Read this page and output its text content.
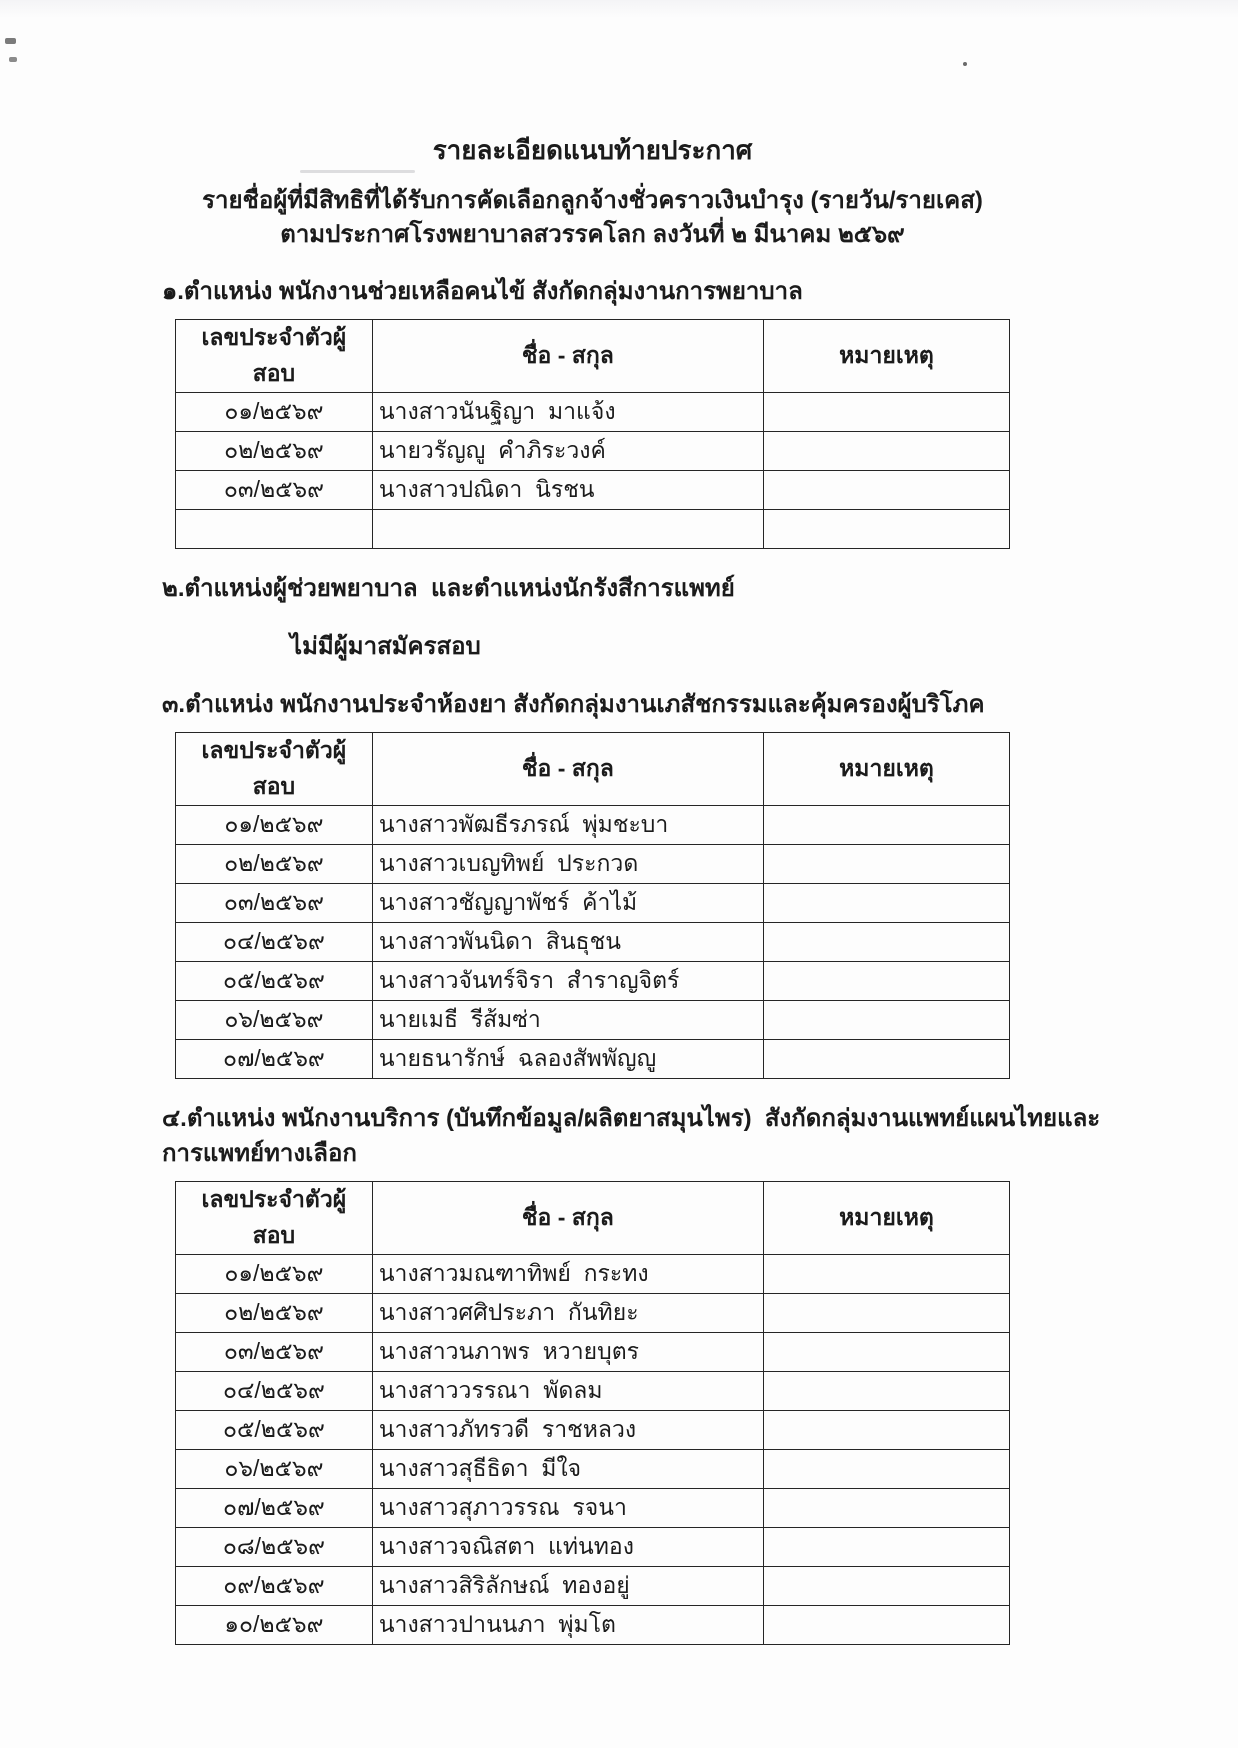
รายละเอียดแนบท้ายประกาศ

รายชื่อผู้ที่มีสิทธิที่ได้รับการคัดเลือกลูกจ้างชั่วคราวเงินบำรุง (รายวัน/รายเคส)

ตามประกาศโรงพยาบาลสวรรคโลก ลงวันที่ ๒ มีนาคม ๒๕๖๙

๑.ตำแหน่ง พนักงานช่วยเหลือคนไข้ สังกัดกลุ่มงานการพยาบาล
เลขประจำตัวผู้สอบ	ชื่อ - สกุล	หมายเหตุ
๐๑/๒๕๖๙	นางสาวนันฐิญา  มาแจ้ง	
๐๒/๒๕๖๙	นายวรัญญู  คำภิระวงค์	
๐๓/๒๕๖๙	นางสาวปณิดา  นิรชน	

๒.ตำแหน่งผู้ช่วยพยาบาล  และตำแหน่งนักรังสีการแพทย์

ไม่มีผู้มาสมัครสอบ

๓.ตำแหน่ง พนักงานประจำห้องยา สังกัดกลุ่มงานเภสัชกรรมและคุ้มครองผู้บริโภค
เลขประจำตัวผู้สอบ	ชื่อ - สกุล	หมายเหตุ
๐๑/๒๕๖๙	นางสาวพัฒธีรภรณ์  พุ่มชะบา	
๐๒/๒๕๖๙	นางสาวเบญทิพย์  ประกวด	
๐๓/๒๕๖๙	นางสาวชัญญาพัชร์  ค้าไม้	
๐๔/๒๕๖๙	นางสาวพันนิดา  สินธุชน	
๐๕/๒๕๖๙	นางสาวจันทร์จิรา  สำราญจิตร์	
๐๖/๒๕๖๙	นายเมธี  รีส้มซ่า	
๐๗/๒๕๖๙	นายธนารักษ์  ฉลองสัพพัญญู	
๔.ตำแหน่ง พนักงานบริการ (บันทึกข้อมูล/ผลิตยาสมุนไพร)  สังกัดกลุ่มงานแพทย์แผนไทยและการแพทย์ทางเลือก
เลขประจำตัวผู้สอบ	ชื่อ - สกุล	หมายเหตุ
๐๑/๒๕๖๙	นางสาวมณฑาทิพย์  กระทง	
๐๒/๒๕๖๙	นางสาวศศิประภา  กันทิยะ	
๐๓/๒๕๖๙	นางสาวนภาพร  หวายบุตร	
๐๔/๒๕๖๙	นางสาววรรณา  พัดลม	
๐๕/๒๕๖๙	นางสาวภัทรวดี  ราชหลวง	
๐๖/๒๕๖๙	นางสาวสุธีธิดา  มีใจ	
๐๗/๒๕๖๙	นางสาวสุภาวรรณ  รจนา	
๐๘/๒๕๖๙	นางสาวจณิสตา  แท่นทอง	
๐๙/๒๕๖๙	นางสาวสิริลักษณ์  ทองอยู่	
๑๐/๒๕๖๙	นางสาวปานนภา  พุ่มโต	
